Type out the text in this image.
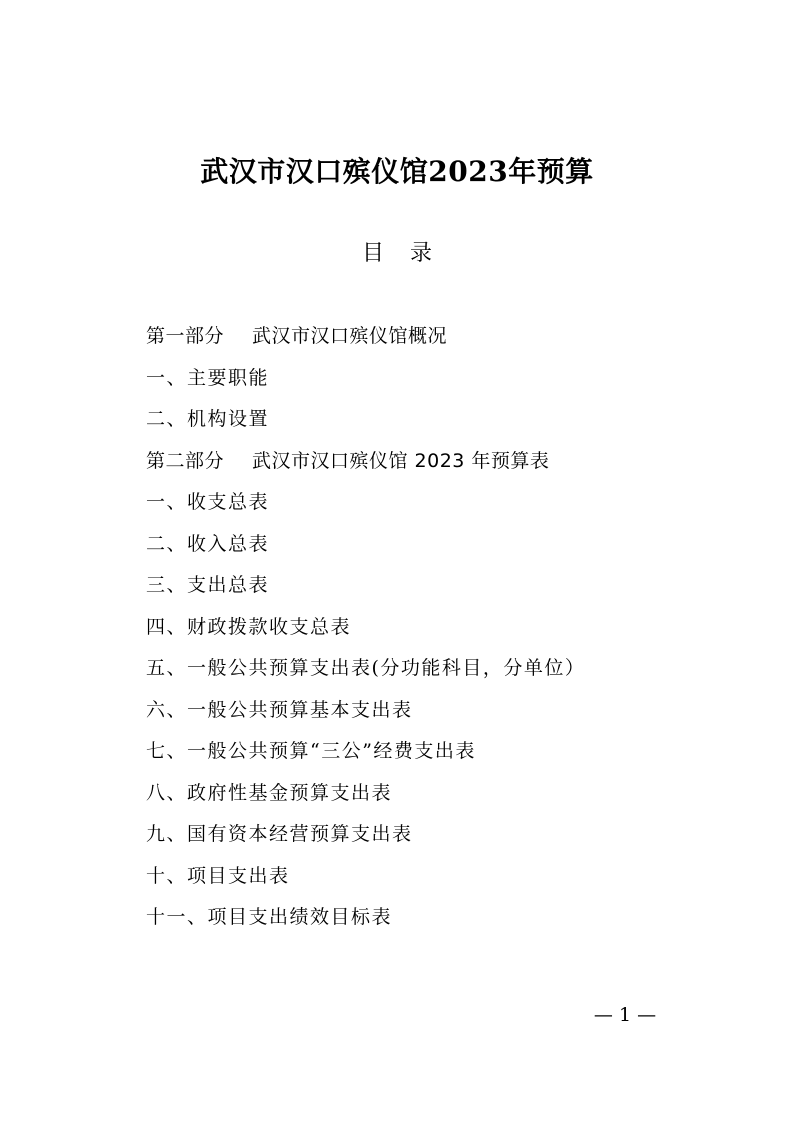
武汉市汉口殡仪馆2023年预算
目 录
第一部分 武汉市汉口殡仪馆概况
一、主要职能
二、机构设置
第二部分 武汉市汉口殡仪馆 2023 年预算表
一、收支总表
二、收入总表
三、支出总表
四、财政拨款收支总表
五、一般公共预算支出表(分功能科目，分单位）
六、一般公共预算基本支出表
七、一般公共预算“三公”经费支出表
八、政府性基金预算支出表
九、国有资本经营预算支出表
十、项目支出表
十一、项目支出绩效目标表
— 1 —
